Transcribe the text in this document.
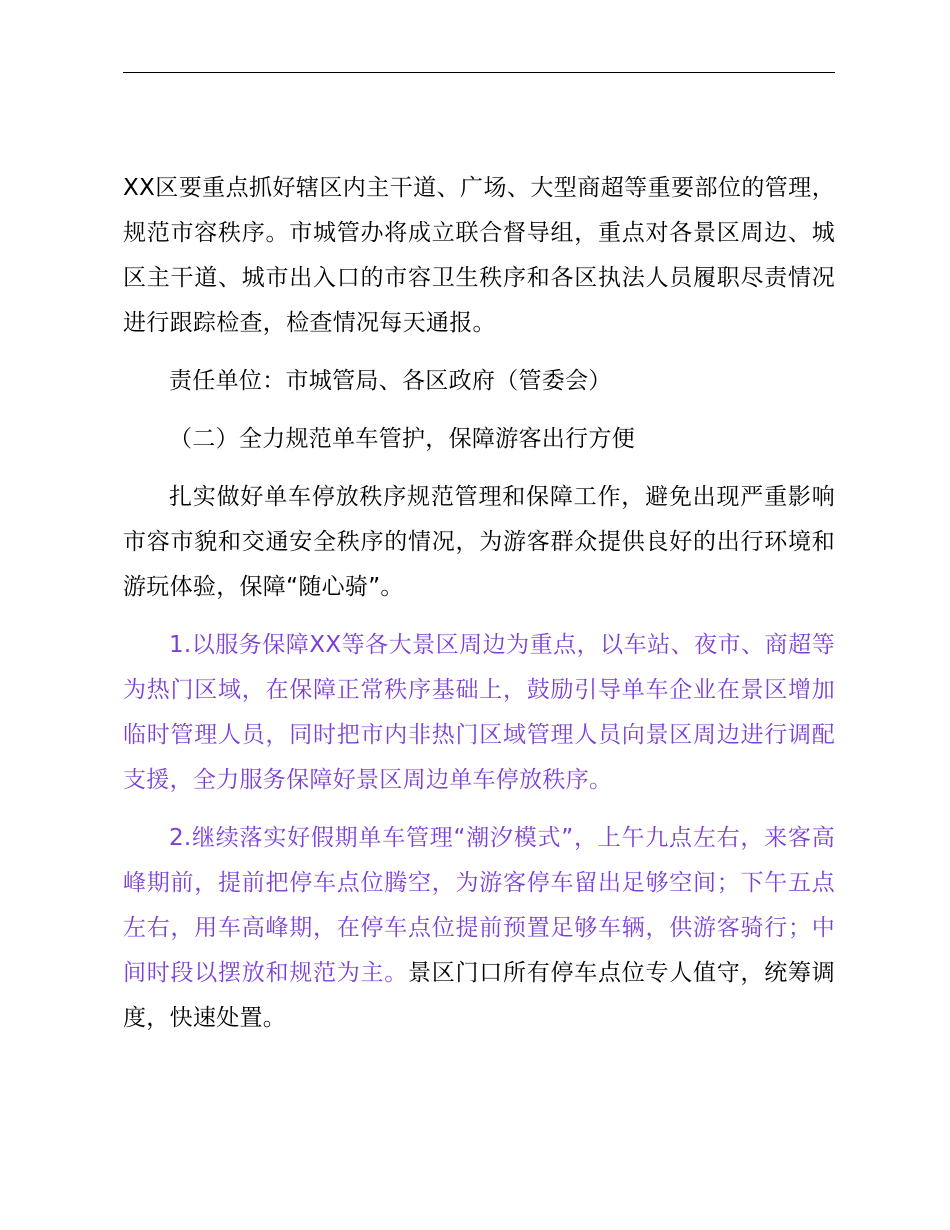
XX区要重点抓好辖区内主干道、广场、大型商超等重要部位的管理，规范市容秩序。市城管办将成立联合督导组，重点对各景区周边、城区主干道、城市出入口的市容卫生秩序和各区执法人员履职尽责情况进行跟踪检查，检查情况每天通报。

责任单位：市城管局、各区政府（管委会）

（二）全力规范单车管护，保障游客出行方便

扎实做好单车停放秩序规范管理和保障工作，避免出现严重影响市容市貌和交通安全秩序的情况，为游客群众提供良好的出行环境和游玩体验，保障“随心骑”。

1.以服务保障XX等各大景区周边为重点，以车站、夜市、商超等为热门区域，在保障正常秩序基础上，鼓励引导单车企业在景区增加临时管理人员，同时把市内非热门区域管理人员向景区周边进行调配支援，全力服务保障好景区周边单车停放秩序。

2.继续落实好假期单车管理“潮汐模式”，上午九点左右，来客高峰期前，提前把停车点位腾空，为游客停车留出足够空间；下午五点左右，用车高峰期，在停车点位提前预置足够车辆，供游客骑行；中间时段以摆放和规范为主。景区门口所有停车点位专人值守，统筹调度，快速处置。
